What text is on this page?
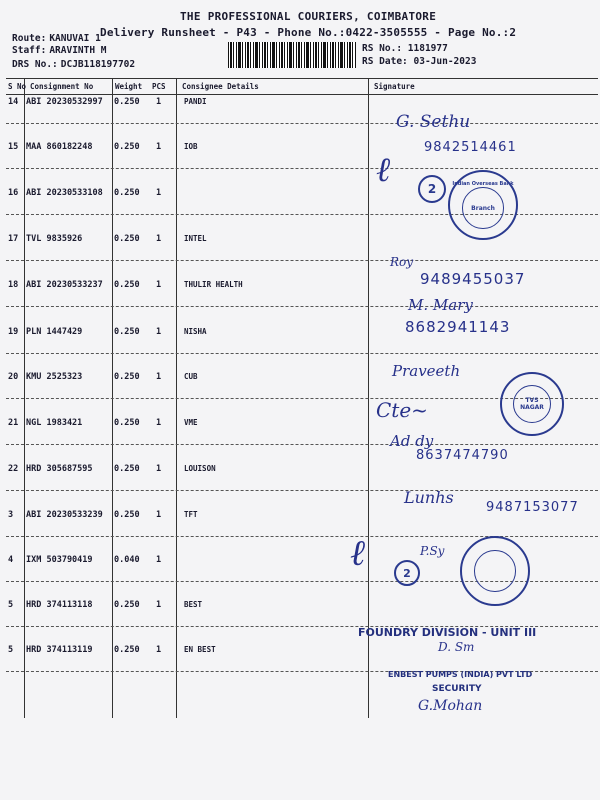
THE PROFESSIONAL COURIERS, COIMBATORE
Delivery Runsheet - P43 - Phone No.:0422-3505555 - Page No.:2
Route: KANUVAI 1
Staff: ARAVINTH M
DRS No.: DCJB118197702
RS No.: 1181977
RS Date: 03-Jun-2023
S No Consignment No	Weight PCS Consignee Details	Signature
14 ABI 20230532997 0.250 1	PANDI
15 MAA 860182248	0.250 1	IOB
16 ABI 20230533108 0.250 1
17 TVL 9835926	0.250 1	INTEL
18 ABI 20230533237 0.250 1	THULIR HEALTH
19 PLN 1447429	0.250 1	NISHA
20 KMU 2525323	0.250 1	CUB
21 NGL 1983421	0.250 1	VME
22 HRD 305687595	0.250 1	LOUISON
3 ABI 20230533239 0.250 1	TFT
4 IXM 503790419	0.040 1
5 HRD 374113118	0.250 1	BEST
5 HRD 374113119	0.250 1	EN BEST
G. Sethu
9842514461
ℓ	2	Indian Overseas Bank
Branch
Roy
9489455037
M. Mary
8682941143
Praveeth
Cte~	TVS NAGAR
Ad dy
8637474790
Lunhs
9487153077
ℓ	2
P.Sy
FOUNDRY DIVISION - UNIT III
D. Sm
ENBEST PUMPS (INDIA) PVT LTD
SECURITY
G.Mohan
